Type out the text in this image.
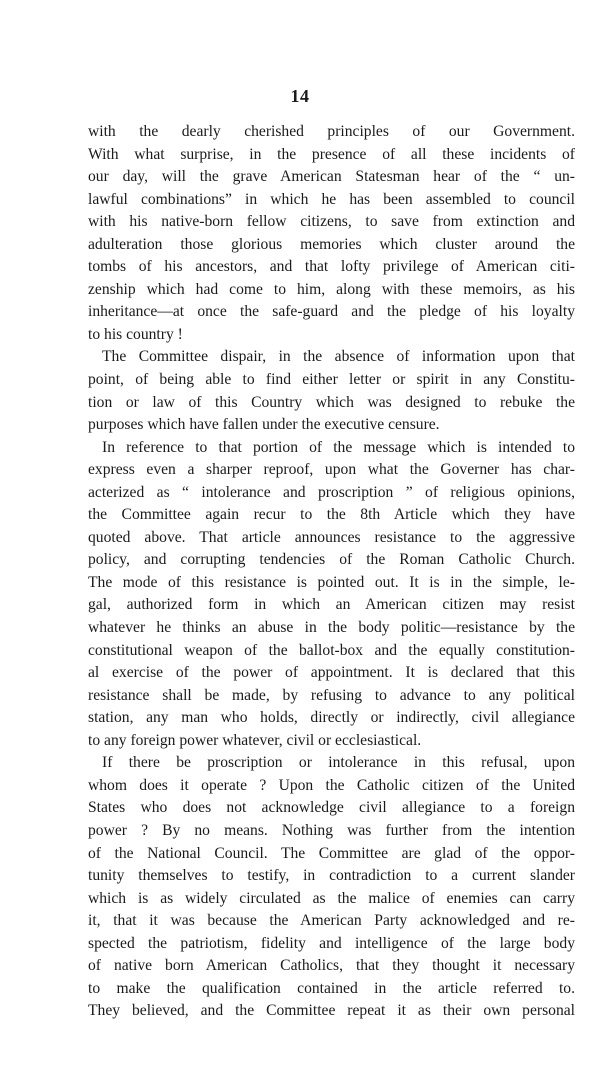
14
with the dearly cherished principles of our Government.
With what surprise, in the presence of all these incidents of
our day, will the grave American Statesman hear of the “ un-
lawful combinations” in which he has been assembled to council
with his native-born fellow citizens, to save from extinction and
adulteration those glorious memories which cluster around the
tombs of his ancestors, and that lofty privilege of American citi-
zenship which had come to him, along with these memoirs, as his
inheritance—at once the safe-guard and the pledge of his loyalty
to his country !
The Committee dispair, in the absence of information upon that
point, of being able to find either letter or spirit in any Constitu-
tion or law of this Country which was designed to rebuke the
purposes which have fallen under the executive censure.
In reference to that portion of the message which is intended to
express even a sharper reproof, upon what the Governer has char-
acterized as “ intolerance and proscription ” of religious opinions,
the Committee again recur to the 8th Article which they have
quoted above. That article announces resistance to the aggressive
policy, and corrupting tendencies of the Roman Catholic Church.
The mode of this resistance is pointed out. It is in the simple, le-
gal, authorized form in which an American citizen may resist
whatever he thinks an abuse in the body politic—resistance by the
constitutional weapon of the ballot-box and the equally constitution-
al exercise of the power of appointment. It is declared that this
resistance shall be made, by refusing to advance to any political
station, any man who holds, directly or indirectly, civil allegiance
to any foreign power whatever, civil or ecclesiastical.
If there be proscription or intolerance in this refusal, upon
whom does it operate ? Upon the Catholic citizen of the United
States who does not acknowledge civil allegiance to a foreign
power ? By no means. Nothing was further from the intention
of the National Council. The Committee are glad of the oppor-
tunity themselves to testify, in contradiction to a current slander
which is as widely circulated as the malice of enemies can carry
it, that it was because the American Party acknowledged and re-
spected the patriotism, fidelity and intelligence of the large body
of native born American Catholics, that they thought it necessary
to make the qualification contained in the article referred to.
They believed, and the Committee repeat it as their own personal
